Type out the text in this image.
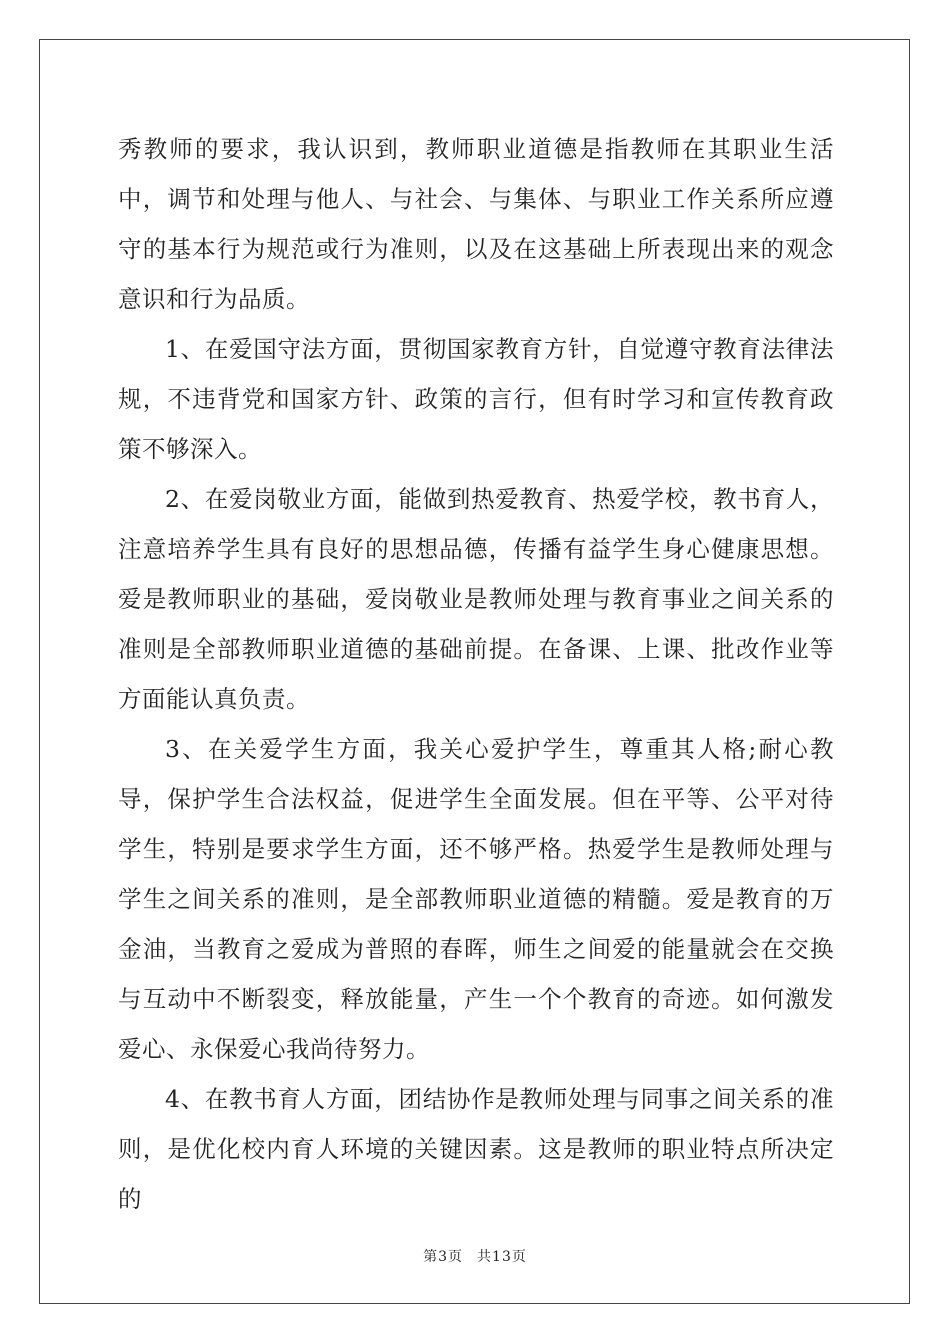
秀教师的要求，我认识到，教师职业道德是指教师在其职业生活中，调节和处理与他人、与社会、与集体、与职业工作关系所应遵守的基本行为规范或行为准则，以及在这基础上所表现出来的观念意识和行为品质。

1、在爱国守法方面，贯彻国家教育方针，自觉遵守教育法律法规，不违背党和国家方针、政策的言行，但有时学习和宣传教育政策不够深入。

2、在爱岗敬业方面，能做到热爱教育、热爱学校，教书育人，注意培养学生具有良好的思想品德，传播有益学生身心健康思想。爱是教师职业的基础，爱岗敬业是教师处理与教育事业之间关系的准则是全部教师职业道德的基础前提。在备课、上课、批改作业等方面能认真负责。

3、在关爱学生方面，我关心爱护学生，尊重其人格;耐心教导，保护学生合法权益，促进学生全面发展。但在平等、公平对待学生，特别是要求学生方面，还不够严格。热爱学生是教师处理与学生之间关系的准则，是全部教师职业道德的精髓。爱是教育的万金油，当教育之爱成为普照的春晖，师生之间爱的能量就会在交换与互动中不断裂变，释放能量，产生一个个教育的奇迹。如何激发爱心、永保爱心我尚待努力。

4、在教书育人方面，团结协作是教师处理与同事之间关系的准则，是优化校内育人环境的关键因素。这是教师的职业特点所决定的

第3页 共13页
